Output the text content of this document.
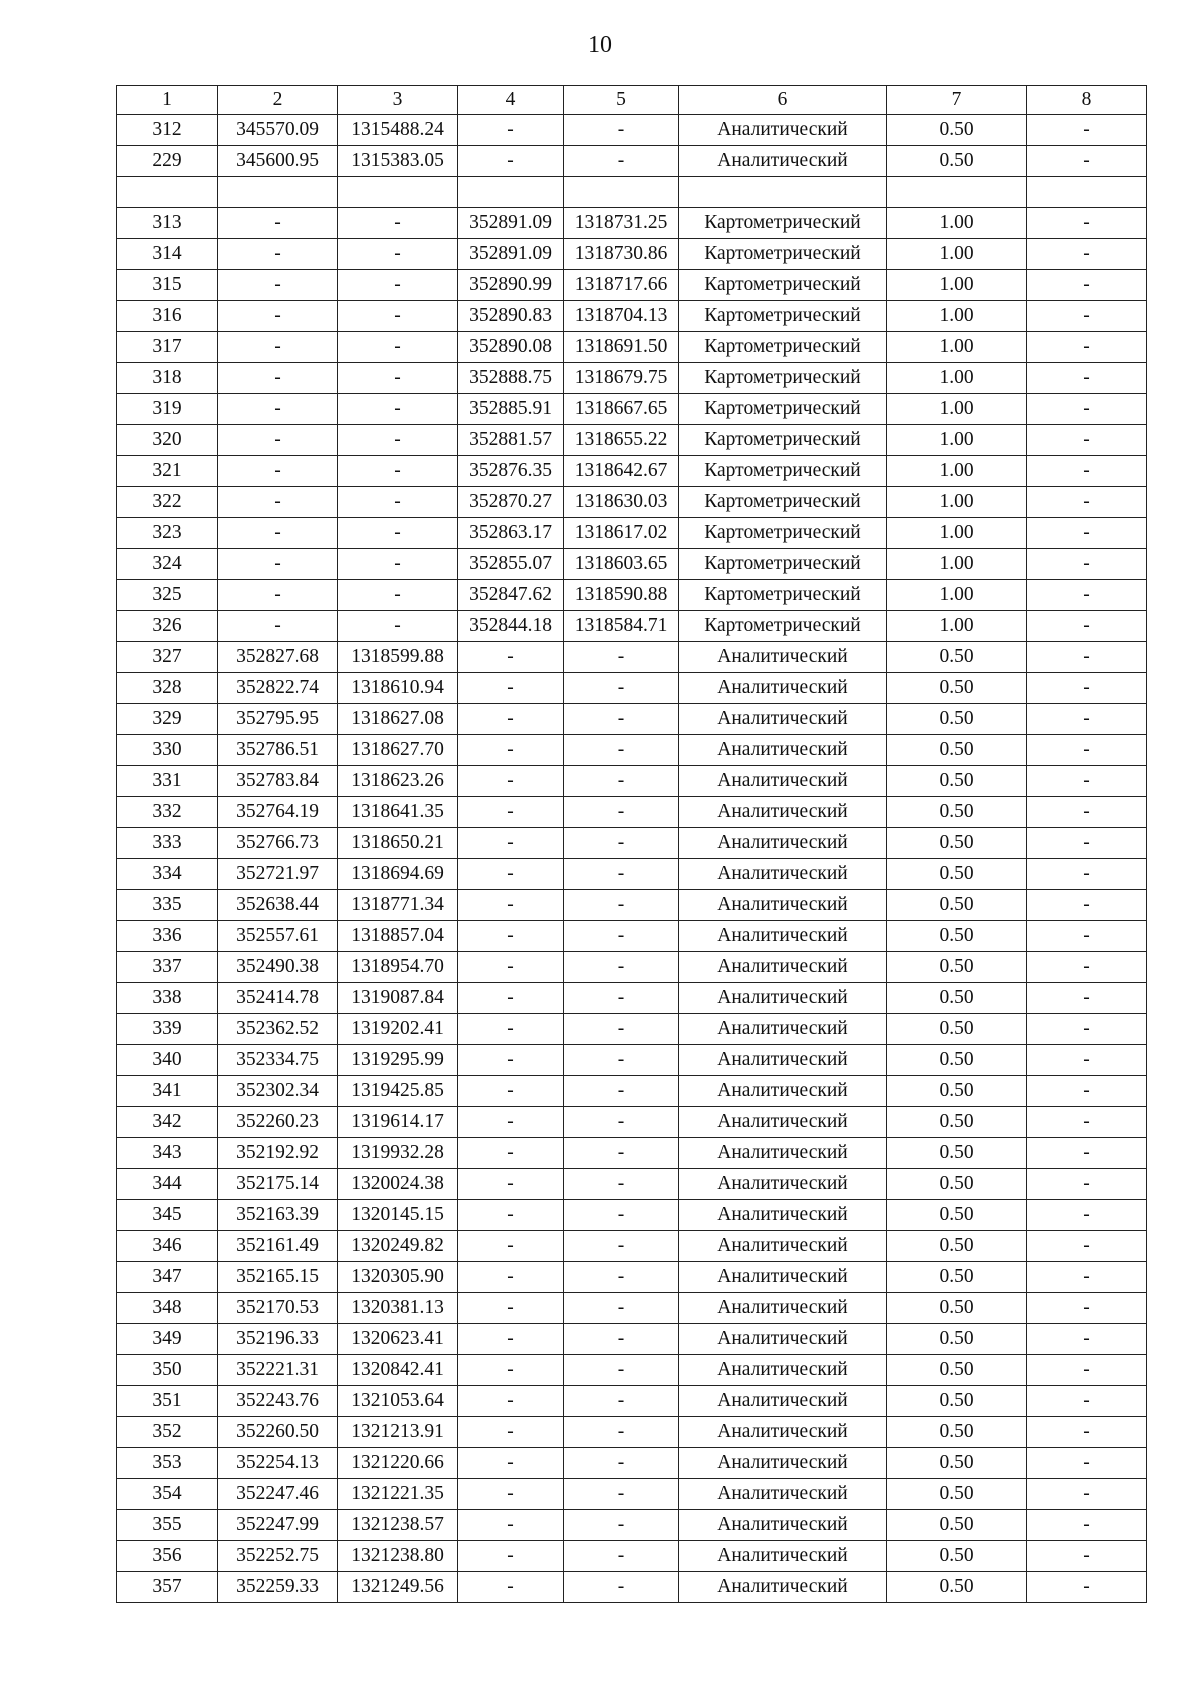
10
1	2	3	4	5	6	7	8
312	345570.09	1315488.24	-	-	Аналитический	0.50	-
229	345600.95	1315383.05	-	-	Аналитический	0.50	-

313	-	-	352891.09	1318731.25	Картометрический	1.00	-
314	-	-	352891.09	1318730.86	Картометрический	1.00	-
315	-	-	352890.99	1318717.66	Картометрический	1.00	-
316	-	-	352890.83	1318704.13	Картометрический	1.00	-
317	-	-	352890.08	1318691.50	Картометрический	1.00	-
318	-	-	352888.75	1318679.75	Картометрический	1.00	-
319	-	-	352885.91	1318667.65	Картометрический	1.00	-
320	-	-	352881.57	1318655.22	Картометрический	1.00	-
321	-	-	352876.35	1318642.67	Картометрический	1.00	-
322	-	-	352870.27	1318630.03	Картометрический	1.00	-
323	-	-	352863.17	1318617.02	Картометрический	1.00	-
324	-	-	352855.07	1318603.65	Картометрический	1.00	-
325	-	-	352847.62	1318590.88	Картометрический	1.00	-
326	-	-	352844.18	1318584.71	Картометрический	1.00	-
327	352827.68	1318599.88	-	-	Аналитический	0.50	-
328	352822.74	1318610.94	-	-	Аналитический	0.50	-
329	352795.95	1318627.08	-	-	Аналитический	0.50	-
330	352786.51	1318627.70	-	-	Аналитический	0.50	-
331	352783.84	1318623.26	-	-	Аналитический	0.50	-
332	352764.19	1318641.35	-	-	Аналитический	0.50	-
333	352766.73	1318650.21	-	-	Аналитический	0.50	-
334	352721.97	1318694.69	-	-	Аналитический	0.50	-
335	352638.44	1318771.34	-	-	Аналитический	0.50	-
336	352557.61	1318857.04	-	-	Аналитический	0.50	-
337	352490.38	1318954.70	-	-	Аналитический	0.50	-
338	352414.78	1319087.84	-	-	Аналитический	0.50	-
339	352362.52	1319202.41	-	-	Аналитический	0.50	-
340	352334.75	1319295.99	-	-	Аналитический	0.50	-
341	352302.34	1319425.85	-	-	Аналитический	0.50	-
342	352260.23	1319614.17	-	-	Аналитический	0.50	-
343	352192.92	1319932.28	-	-	Аналитический	0.50	-
344	352175.14	1320024.38	-	-	Аналитический	0.50	-
345	352163.39	1320145.15	-	-	Аналитический	0.50	-
346	352161.49	1320249.82	-	-	Аналитический	0.50	-
347	352165.15	1320305.90	-	-	Аналитический	0.50	-
348	352170.53	1320381.13	-	-	Аналитический	0.50	-
349	352196.33	1320623.41	-	-	Аналитический	0.50	-
350	352221.31	1320842.41	-	-	Аналитический	0.50	-
351	352243.76	1321053.64	-	-	Аналитический	0.50	-
352	352260.50	1321213.91	-	-	Аналитический	0.50	-
353	352254.13	1321220.66	-	-	Аналитический	0.50	-
354	352247.46	1321221.35	-	-	Аналитический	0.50	-
355	352247.99	1321238.57	-	-	Аналитический	0.50	-
356	352252.75	1321238.80	-	-	Аналитический	0.50	-
357	352259.33	1321249.56	-	-	Аналитический	0.50	-
